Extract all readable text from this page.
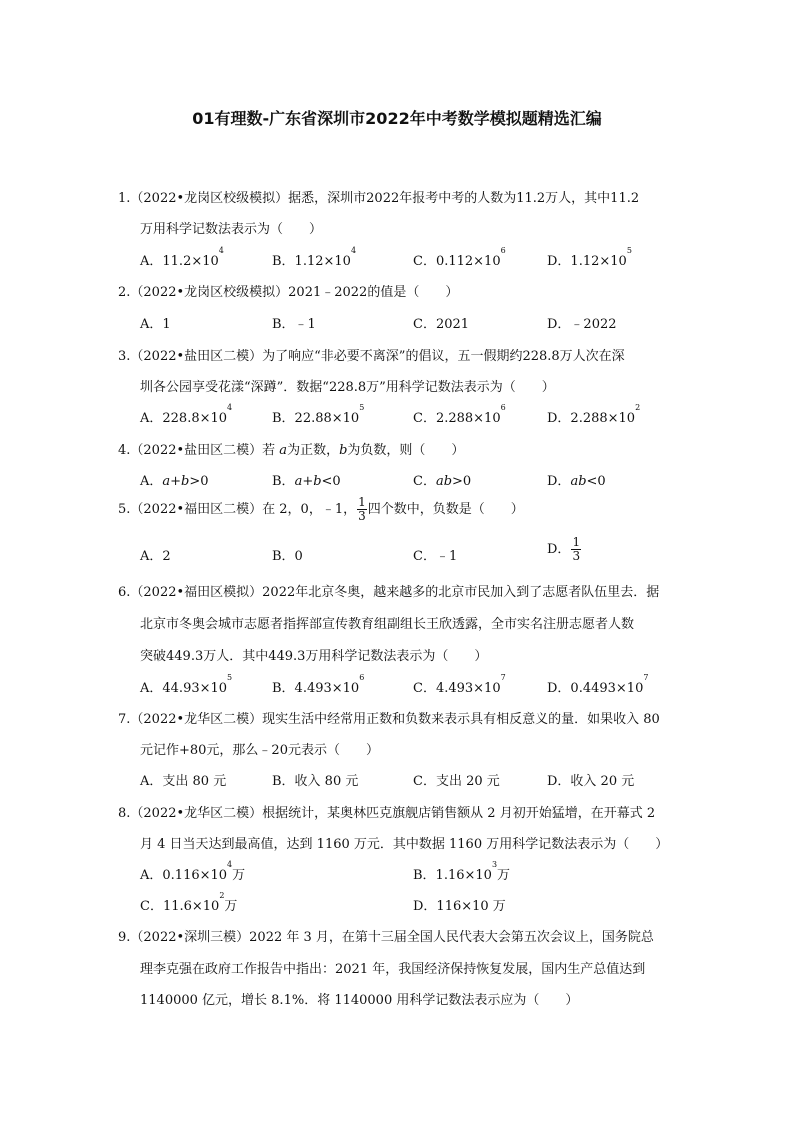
01有理数-广东省深圳市2022年中考数学模拟题精选汇编
1.（2022•龙岗区校级模拟）据悉，深圳市2022年报考中考的人数为11.2万人，其中11.2
万用科学记数法表示为（　　）
A．$11.2\times 10^4$
B．$1.12\times 10^4$
C．$0.112\times 10^6$
D．$1.12\times 10^5$
2.（2022•龙岗区校级模拟）2021﹣2022的值是（　　）
A．1	B．﹣1	C．2021	D．﹣2022
3.（2022•盐田区二模）为了响应“非必要不离深”的倡议，五一假期约228.8万人次在深
圳各公园享受花漾“深蹲”．数据“228.8万”用科学记数法表示为（　　）
A．$228.8\times 10^4$
B．$22.88\times 10^5$
C．$2.288\times 10^6$
D．$2.288\times 10^2$
4.（2022•盐田区二模）若 a为正数，b为负数，则（　　）
A．a+b>0	B．a+b<0	C．ab>0	D．ab<0
5.（2022•福田区二模）在 2，0，﹣1， $\frac{1}{3}$ 四个数中，负数是（　　）
A．2	B．0	C．﹣1	D． $\frac{1}{3}$
6.（2022•福田区模拟）2022年北京冬奥，越来越多的北京市民加入到了志愿者队伍里去．据
北京市冬奥会城市志愿者指挥部宣传教育组副组长王欣透露，全市实名注册志愿者人数
突破449.3万人．其中449.3万用科学记数法表示为（　　）
A．$44.93\times 10^5$
B．$4.493\times 10^6$
C．$4.493\times 10^7$
D．$0.4493\times 10^7$
7.（2022•龙华区二模）现实生活中经常用正数和负数来表示具有相反意义的量．如果收入 80
元记作+80元，那么﹣20元表示（　　）
A．支出 80 元	B．收入 80 元	C．支出 20 元	D．收入 20 元
8.（2022•龙华区二模）根据统计，某奥林匹克旗舰店销售额从 2 月初开始猛增，在开幕式 2
月 4 日当天达到最高值，达到 1160 万元．其中数据 1160 万用科学记数法表示为（　　）
A．$0.116\times 10^4$万	B．$1.16\times 10^3$万
C．$11.6\times 10^2$万	D．116×10 万
9.（2022•深圳三模）2022 年 3 月，在第十三届全国人民代表大会第五次会议上，国务院总
理李克强在政府工作报告中指出：2021 年，我国经济保持恢复发展，国内生产总值达到
1140000 亿元，增长 8.1%．将 1140000 用科学记数法表示应为（　　）
